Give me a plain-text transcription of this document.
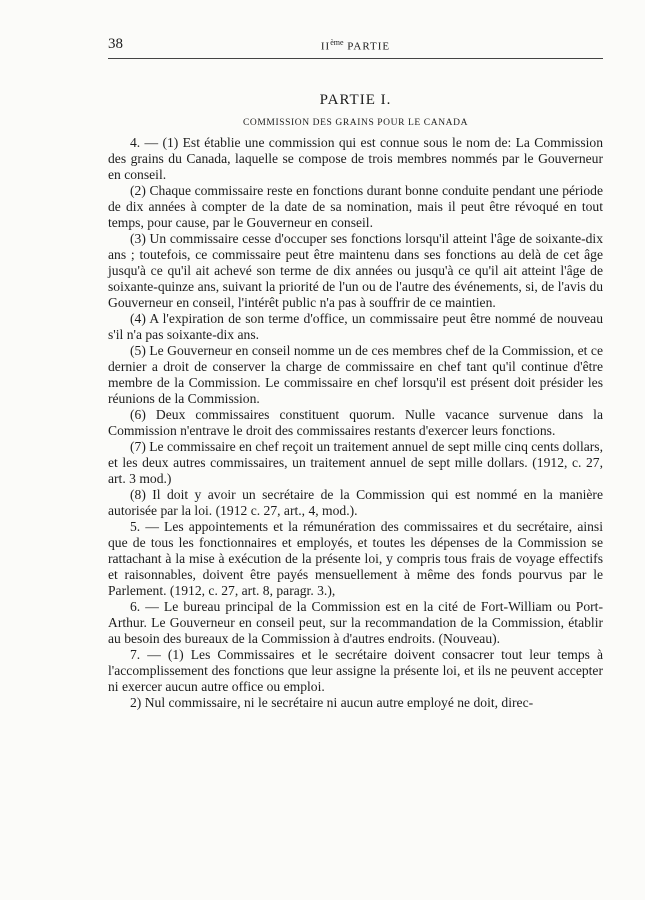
38	IIème PARTIE
PARTIE I.
COMMISSION DES GRAINS POUR LE CANADA

4. — (1) Est établie une commission qui est connue sous le nom de: La Commission des grains du Canada, laquelle se compose de trois membres nommés par le Gouverneur en conseil.

(2) Chaque commissaire reste en fonctions durant bonne conduite pendant une période de dix années à compter de la date de sa nomination, mais il peut être révoqué en tout temps, pour cause, par le Gouverneur en conseil.

(3) Un commissaire cesse d'occuper ses fonctions lorsqu'il atteint l'âge de soixante-dix ans ; toutefois, ce commissaire peut être maintenu dans ses fonctions au delà de cet âge jusqu'à ce qu'il ait achevé son terme de dix années ou jusqu'à ce qu'il ait atteint l'âge de soixante-quinze ans, suivant la priorité de l'un ou de l'autre des événements, si, de l'avis du Gouverneur en conseil, l'intérêt public n'a pas à souffrir de ce maintien.

(4) A l'expiration de son terme d'office, un commissaire peut être nommé de nouveau s'il n'a pas soixante-dix ans.

(5) Le Gouverneur en conseil nomme un de ces membres chef de la Commission, et ce dernier a droit de conserver la charge de commissaire en chef tant qu'il continue d'être membre de la Commission. Le commissaire en chef lorsqu'il est présent doit présider les réunions de la Commission.

(6) Deux commissaires constituent quorum. Nulle vacance survenue dans la Commission n'entrave le droit des commissaires restants d'exercer leurs fonctions.

(7) Le commissaire en chef reçoit un traitement annuel de sept mille cinq cents dollars, et les deux autres commissaires, un traitement annuel de sept mille dollars. (1912, c. 27, art. 3 mod.)

(8) Il doit y avoir un secrétaire de la Commission qui est nommé en la manière autorisée par la loi. (1912 c. 27, art., 4, mod.).

5. — Les appointements et la rémunération des commissaires et du secrétaire, ainsi que de tous les fonctionnaires et employés, et toutes les dépenses de la Commission se rattachant à la mise à exécution de la présente loi, y compris tous frais de voyage effectifs et raisonnables, doivent être payés mensuellement à même des fonds pourvus par le Parlement. (1912, c. 27, art. 8, paragr. 3.),

6. — Le bureau principal de la Commission est en la cité de Fort-William ou Port-Arthur. Le Gouverneur en conseil peut, sur la recommandation de la Commission, établir au besoin des bureaux de la Commission à d'autres endroits. (Nouveau).

7. — (1) Les Commissaires et le secrétaire doivent consacrer tout leur temps à l'accomplissement des fonctions que leur assigne la présente loi, et ils ne peuvent accepter ni exercer aucun autre office ou emploi.

2) Nul commissaire, ni le secrétaire ni aucun autre employé ne doit, direc-
